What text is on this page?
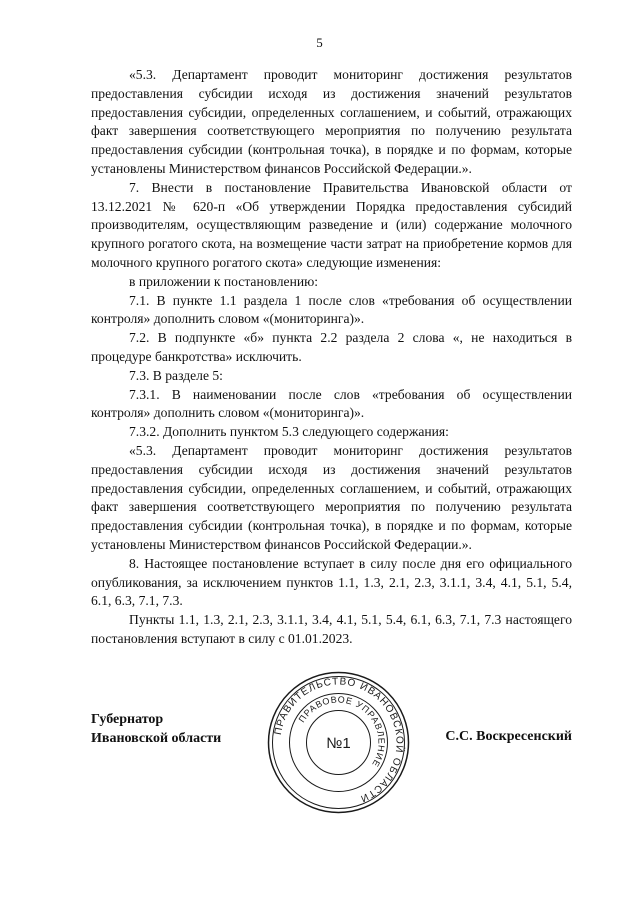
5

«5.3. Департамент проводит мониторинг достижения результатов предоставления субсидии исходя из достижения значений результатов предоставления субсидии, определенных соглашением, и событий, отражающих факт завершения соответствующего мероприятия по получению результата предоставления субсидии (контрольная точка), в порядке и по формам, которые установлены Министерством финансов Российской Федерации.».

7. Внести в постановление Правительства Ивановской области от 13.12.2021 № 620-п «Об утверждении Порядка предоставления субсидий производителям, осуществляющим разведение и (или) содержание молочного крупного рогатого скота, на возмещение части затрат на приобретение кормов для молочного крупного рогатого скота» следующие изменения:

в приложении к постановлению:

7.1. В пункте 1.1 раздела 1 после слов «требования об осуществлении контроля» дополнить словом «(мониторинга)».

7.2. В подпункте «б» пункта 2.2 раздела 2 слова «, не находиться в процедуре банкротства» исключить.

7.3. В разделе 5:

7.3.1. В наименовании после слов «требования об осуществлении контроля» дополнить словом «(мониторинга)».

7.3.2. Дополнить пунктом 5.3 следующего содержания:

«5.3. Департамент проводит мониторинг достижения результатов предоставления субсидии исходя из достижения значений результатов предоставления субсидии, определенных соглашением, и событий, отражающих факт завершения соответствующего мероприятия по получению результата предоставления субсидии (контрольная точка), в порядке и по формам, которые установлены Министерством финансов Российской Федерации.».

8. Настоящее постановление вступает в силу после дня его официального опубликования, за исключением пунктов 1.1, 1.3, 2.1, 2.3, 3.1.1, 3.4, 4.1, 5.1, 5.4, 6.1, 6.3, 7.1, 7.3.

Пункты 1.1, 1.3, 2.1, 2.3, 3.1.1, 3.4, 4.1, 5.1, 5.4, 6.1, 6.3, 7.1, 7.3 настоящего постановления вступают в силу с 01.01.2023.

Губернатор
Ивановской области
ПРАВИТЕЛЬСТВО ИВАНОВСКОЙ ОБЛАСТИ
ПРАВОВОЕ УПРАВЛЕНИЕ
№1	С.С. Воскресенский
